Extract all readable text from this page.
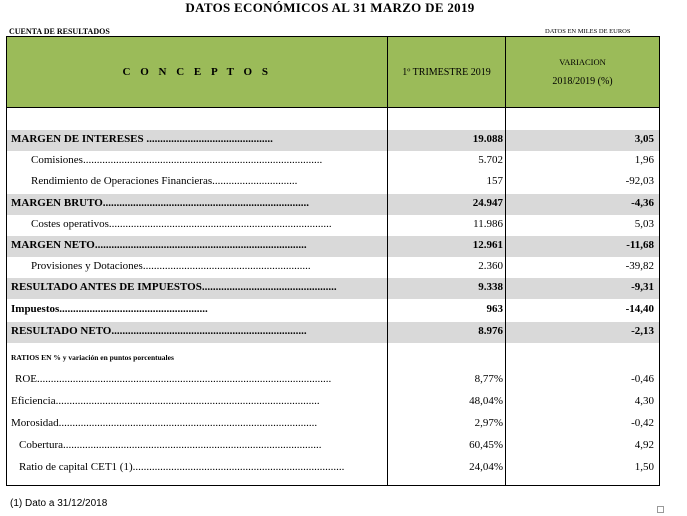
DATOS ECONÓMICOS AL 31 MARZO DE 2019
CUENTA DE RESULTADOS	DATOS EN MILES DE EUROS
C O N C E P T O S	1º TRIMESTRE 2019
VARIACION
2018/2019 (%)
MARGEN DE INTERESES ..............................................	19.088	3,05
Comisiones.......................................................................................	5.702	1,96
Rendimiento de Operaciones Financieras...............................	157	-92,03
MARGEN BRUTO...........................................................................	24.947	-4,36
Costes operativos.................................................................................	11.986	5,03
MARGEN NETO.............................................................................	12.961	-11,68
Provisiones y Dotaciones.............................................................	2.360	-39,82
RESULTADO ANTES DE IMPUESTOS.................................................	9.338	-9,31
Impuestos......................................................	963	-14,40
RESULTADO NETO.......................................................................	8.976	-2,13
RATIOS EN % y variación en puntos porcentuales
ROE...........................................................................................................	8,77%	-0,46
Eficiencia................................................................................................	48,04%	4,30
Morosidad..............................................................................................	2,97%	-0,42
Cobertura..............................................................................................	60,45%	4,92
Ratio de capital CET1 (1).............................................................................	24,04%	1,50
(1) Dato a 31/12/2018
